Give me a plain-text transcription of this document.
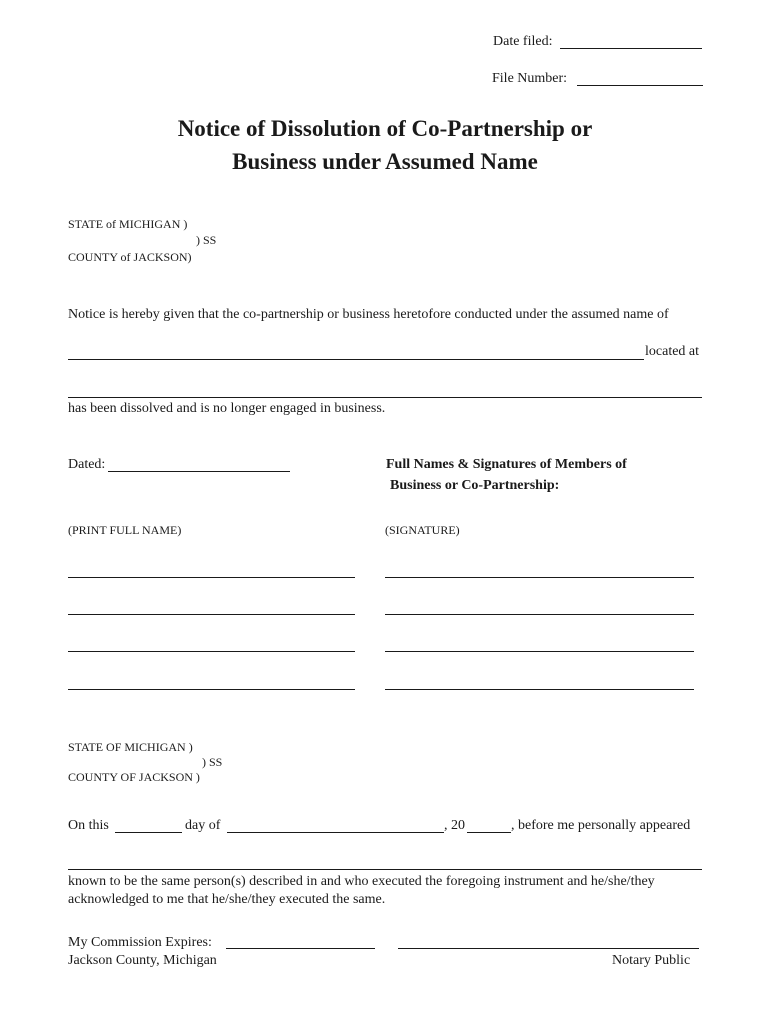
Date filed:
File Number:
Notice of Dissolution of Co-Partnership or
Business under Assumed Name
STATE of MICHIGAN )
) SS
COUNTY of JACKSON)
Notice is hereby given that the co-partnership or business heretofore conducted under the assumed name of
located at
has been dissolved and is no longer engaged in business.
Dated:	Full Names & Signatures of Members of
Business or Co-Partnership:
(PRINT FULL NAME)	(SIGNATURE)
STATE OF MICHIGAN )
) SS
COUNTY OF JACKSON )
On this	day of	, 20	, before me personally appeared
known to be the same person(s) described in and who executed the foregoing instrument and he/she/they
acknowledged to me that he/she/they executed the same.
My Commission Expires:
Jackson County, Michigan	Notary Public
